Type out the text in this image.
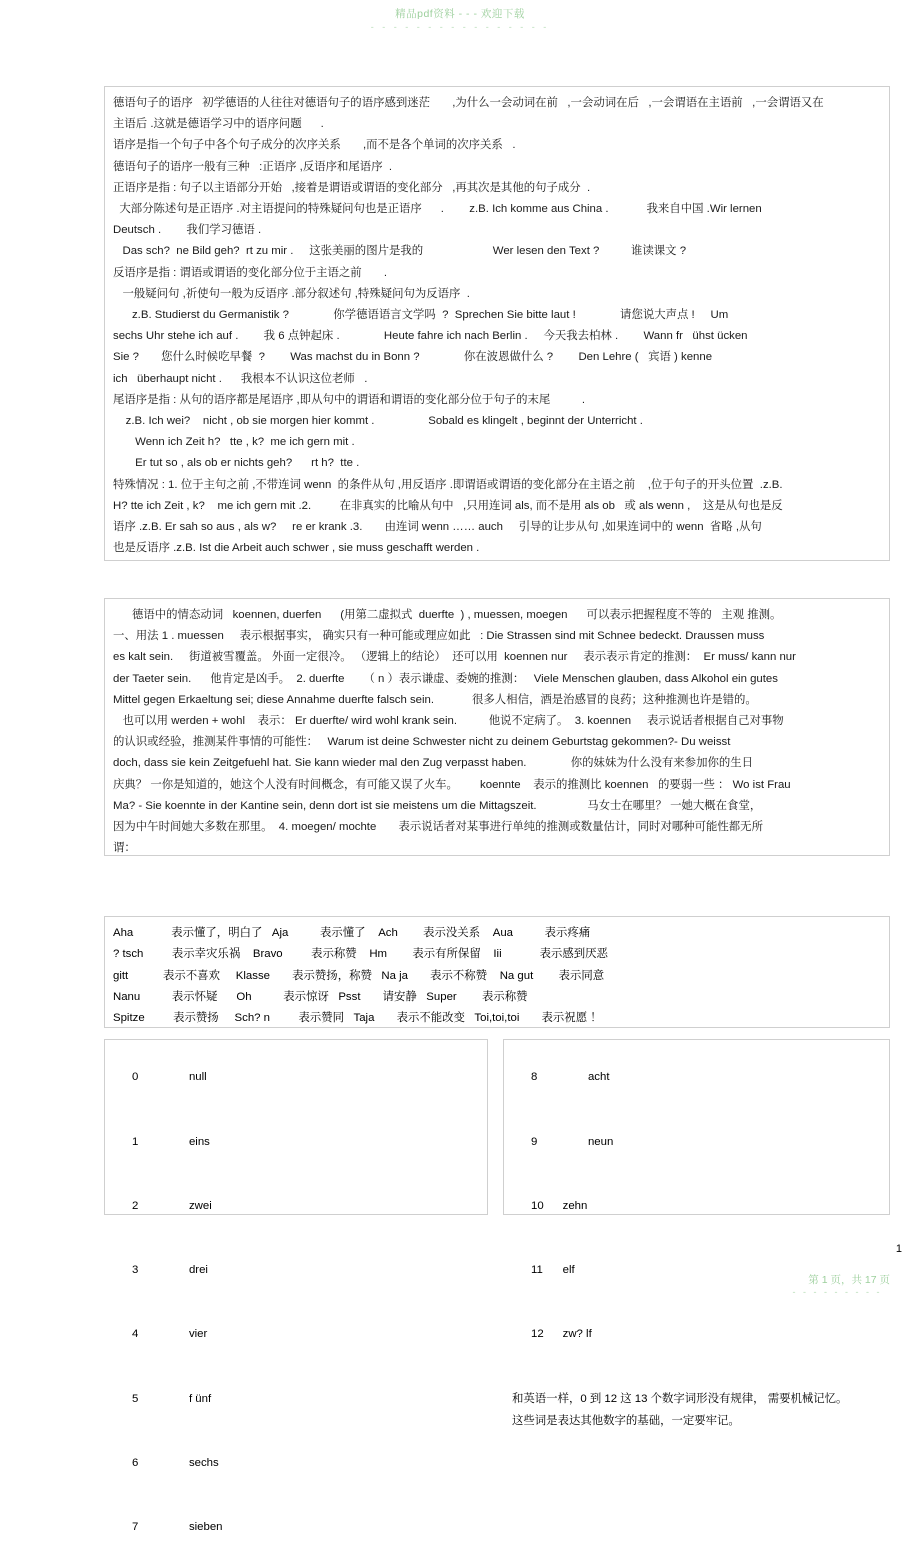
精品pdf资料 - - - 欢迎下载
- - - - - - - - - - - - - - - -
德语句子的语序   初学德语的人往往对德语句子的语序感到迷茫       ,为什么一会动词在前   ,一会动词在后   ,一会谓语在主语前   ,一会谓语又在
主语后 .这就是德语学习中的语序问题      .
语序是指一个句子中各个句子成分的次序关系       ,而不是各个单词的次序关系   .
德语句子的语序一般有三种   :正语序 ,反语序和尾语序  .
正语序是指 : 句子以主语部分开始   ,接着是谓语或谓语的变化部分   ,再其次是其他的句子成分  .
大部分陈述句是正语序 .对主语提问的特殊疑问句也是正语序      .        z.B. Ich komme aus China .            我来自中国 .Wir lernen
Deutsch .        我们学习德语 .
Das sch?  ne Bild geh?  rt zu mir .     这张美丽的图片是我的                      Wer lesen den Text ?          谁读课文 ?
反语序是指 : 谓语或谓语的变化部分位于主语之前       .
一般疑问句 ,祈使句一般为反语序 .部分叙述句 ,特殊疑问句为反语序  .
z.B. Studierst du Germanistik ?              你学德语语言文学吗  ?  Sprechen Sie bitte laut !              请您说大声点 !     Um
sechs Uhr stehe ich auf .        我 6 点钟起床 .              Heute fahre ich nach Berlin .     今天我去柏林 .        Wann fr   ühst ücken
Sie ?       您什么时候吃早餐  ?        Was machst du in Bonn ?              你在波恩做什么 ?        Den Lehre (   宾语 ) kenne
ich   überhaupt nicht .      我根本不认识这位老师   .
尾语序是指 : 从句的语序都是尾语序 ,即从句中的谓语和谓语的变化部分位于句子的末尾          .
z.B. Ich wei?    nicht , ob sie morgen hier kommt .                 Sobald es klingelt , beginnt der Unterricht .
Wenn ich Zeit h?   tte , k?  me ich gern mit .
Er tut so , als ob er nichts geh?      rt h?  tte .
特殊情况 : 1. 位于主句之前 ,不带连词 wenn  的条件从句 ,用反语序 .即谓语或谓语的变化部分在主语之前    ,位于句子的开头位置  .z.B.
H? tte ich Zeit , k?    me ich gern mit .2.         在非真实的比喻从句中   ,只用连词 als, 而不是用 als ob   或 als wenn ,    这是从句也是反
语序 .z.B. Er sah so aus , als w?     re er krank .3.       由连词 wenn …… auch     引导的让步从句 ,如果连词中的 wenn  省略 ,从句
也是反语序 .z.B. Ist die Arbeit auch schwer , sie muss geschafft werden .
德语中的情态动词   koennen, duerfen      (用第二虚拟式  duerfte  ) , muessen, moegen      可以表示把握程度不等的   主观 推测。
一、用法 1 . muessen     表示根据事实， 确实只有一种可能或理应如此   : Die Strassen sind mit Schnee bedeckt. Draussen muss
es kalt sein.     街道被雪覆盖。 外面一定很冷。 （逻辑上的结论）  还可以用  koennen nur     表示表示肯定的推测：  Er muss/ kann nur
der Taeter sein.      他肯定是凶手。  2. duerfte      （ n ）表示谦虚、委婉的推测：   Viele Menschen glauben, dass Alkohol ein gutes
Mittel gegen Erkaeltung sei; diese Annahme duerfte falsch sein.            很多人相信，酒是治感冒的良药；这种推测也许是错的。
也可以用 werden + wohl    表示： Er duerfte/ wird wohl krank sein.          他说不定病了。  3. koennen     表示说话者根据自己对事物
的认识或经验，推测某件事情的可能性：   Warum ist deine Schwester nicht zu deinem Geburtstag gekommen?- Du weisst
doch, dass sie kein Zeitgefuehl hat. Sie kann wieder mal den Zug verpasst haben.              你的妹妹为什么没有来参加你的生日
庆典？ 一你是知道的，她这个人没有时间概念，有可能又误了火车。       koennte    表示的推测比 koennen   的要弱一些 ： Wo ist Frau
Ma? - Sie koennte in der Kantine sein, denn dort ist sie meistens um die Mittagszeit.                马女士在哪里？ 一她大概在食堂，
因为中午时间她大多数在那里。  4. moegen/ mochte       表示说话者对某事进行单纯的推测或数量估计，同时对哪种可能性都无所
谓：
Aha            表示懂了，明白了   Aja          表示懂了    Ach        表示没关系    Aua          表示疼痛
? tsch         表示幸灾乐祸    Bravo         表示称赞    Hm        表示有所保留    Iii            表示感到厌恶
gitt           表示不喜欢     Klasse       表示赞扬，称赞   Na ja       表示不称赞    Na gut        表示同意
Nanu          表示怀疑      Oh          表示惊讶   Psst       请安静   Super        表示称赞
Spitze         表示赞扬     Sch? n         表示赞同   Taja       表示不能改变   Toi,toi,toi       表示祝愿 ！

0			null

1			eins

2			zwei

3			drei

4			vier

5			f ünf

6			sechs

7			sieben

8			acht

9			neun

10	zehn

11	elf

12	zw? lf

和英语一样，0 到 12 这 13 个数字词形没有规律， 需要机械记忆。
这些词是表达其他数字的基础，一定要牢记。
1
第 1 页，共 17 页
- - - - - - - - -
